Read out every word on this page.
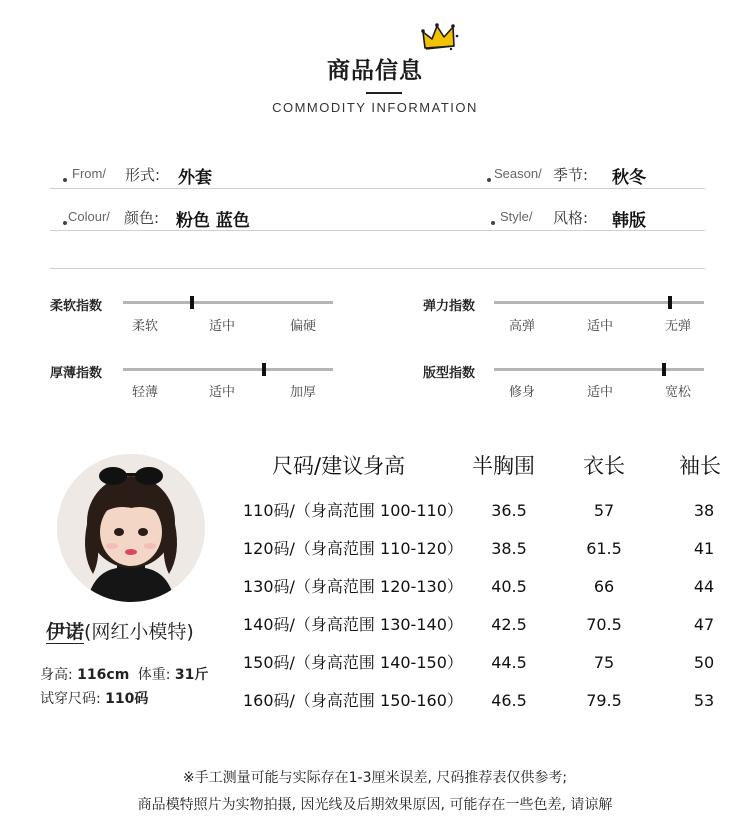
商品信息
COMMODITY INFORMATION
From/ 形式: 外套	Season/ 季节: 秋冬
Colour/ 颜色: 粉色 蓝色	Style/ 风格: 韩版
柔软指数
柔软	适中	偏硬
弹力指数
高弹	适中	无弹
厚薄指数
轻薄	适中	加厚
版型指数
修身	适中	宽松
伊诺(网红小模特)
身高: 116cm 体重: 31斤
试穿尺码: 110码
尺码/建议身高	半胸围 衣长	袖长
110码/（身高范围 100-110）	36.5	57	38
120码/（身高范围 110-120）	38.5	61.5	41
130码/（身高范围 120-130）	40.5	66	44
140码/（身高范围 130-140）	42.5	70.5	47
150码/（身高范围 140-150）	44.5	75	50
160码/（身高范围 150-160）	46.5	79.5	53
※手工测量可能与实际存在1-3厘米误差, 尺码推荐表仅供参考;
商品模特照片为实物拍摄, 因光线及后期效果原因, 可能存在一些色差, 请谅解
